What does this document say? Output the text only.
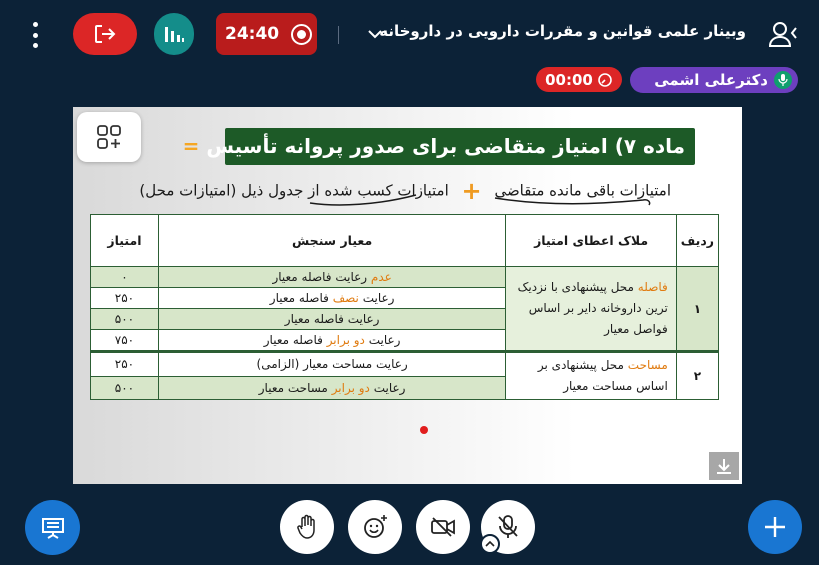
24:40	وبینار علمی قوانین و مقررات دارویی در داروخانه
00:00	دکترعلی اشمی
ماده ۷) امتیاز متقاضی برای صدور پروانه تأسیس =
امتیازات باقی مانده متقاضی + امتیازات کسب شده از جدول ذیل (امتیازات محل)
ردیف	ملاک اعطای امتیاز	معیار سنجش	امتیاز
۱	فاصله محل پیشنهادی با نزدیک ترین داروخانه دایر بر اساس فواصل معیار	عدم رعایت فاصله معیار	۰
		رعایت نصف فاصله معیار	۲۵۰
		رعایت فاصله معیار	۵۰۰
		رعایت دو برابر فاصله معیار	۷۵۰
۲	مساحت محل پیشنهادی بر اساس مساحت معیار	رعایت مساحت معیار (الزامی)	۲۵۰
		رعایت دو برابر مساحت معیار	۵۰۰
